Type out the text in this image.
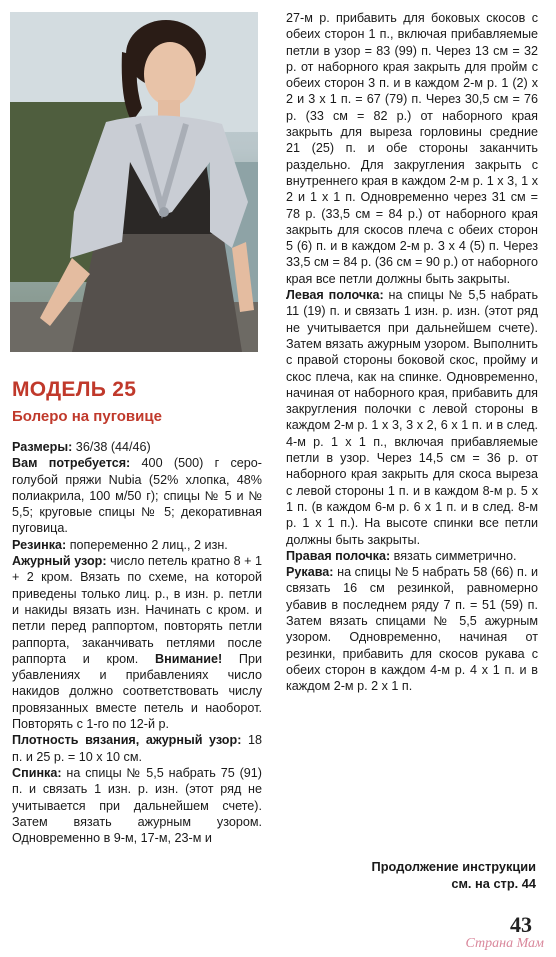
МОДЕЛЬ 25
Болеро на пуговице

Размеры: 36/38 (44/46)

Вам потребуется: 400 (500) г серо-голубой пряжи Nubia (52% хлопка, 48% полиакрила, 100 м/50 г); спицы № 5 и № 5,5; круговые спицы № 5; декоративная пуговица.

Резинка: попеременно 2 лиц., 2 изн.

Ажурный узор: число петель кратно 8 + 1 + 2 кром. Вязать по схеме, на которой приведены только лиц. р., в изн. р. петли и накиды вязать изн. Начинать с кром. и петли перед раппортом, повторять петли раппорта, заканчивать петлями после раппорта и кром. Внимание! При убавлениях и прибавлениях число накидов должно соответствовать числу провязанных вместе петель и наоборот. Повторять с 1-го по 12-й р.

Плотность вязания, ажурный узор: 18 п. и 25 р. = 10 х 10 см.

Спинка: на спицы № 5,5 набрать 75 (91) п. и связать 1 изн. р. изн. (этот ряд не учитывается при дальнейшем счете). Затем вязать ажурным узором. Одновременно в 9-м, 17-м, 23-м и

27-м р. прибавить для боковых скосов с обеих сторон 1 п., включая прибавляемые петли в узор = 83 (99) п. Через 13 см = 32 р. от наборного края закрыть для пройм с обеих сторон 3 п. и в каждом 2-м р. 1 (2) х 2 и 3 х 1 п. = 67 (79) п. Через 30,5 см = 76 р. (33 см = 82 р.) от наборного края закрыть для выреза горловины средние 21 (25) п. и обе стороны заканчить раздельно. Для закругления закрыть с внутреннего края в каждом 2-м р. 1 х 3, 1 х 2 и 1 х 1 п. Одновременно через 31 см = 78 р. (33,5 см = 84 р.) от наборного края закрыть для скосов плеча с обеих сторон 5 (6) п. и в каждом 2-м р. 3 х 4 (5) п. Через 33,5 см = 84 р. (36 см = 90 р.) от наборного края все петли должны быть закрыты.

Левая полочка: на спицы № 5,5 набрать 11 (19) п. и связать 1 изн. р. изн. (этот ряд не учитывается при дальнейшем счете). Затем вязать ажурным узором. Выполнить с правой стороны боковой скос, пройму и скос плеча, как на спинке. Одновременно, начиная от наборного края, прибавить для закругления полочки с левой стороны в каждом 2-м р. 1 х 3, 3 х 2, 6 х 1 п. и в след. 4-м р. 1 х 1 п., включая прибавляемые петли в узор. Через 14,5 см = 36 р. от наборного края закрыть для скоса выреза с левой стороны 1 п. и в каждом 8-м р. 5 х 1 п. (в каждом 6-м р. 6 х 1 п. и в след. 8-м р. 1 х 1 п.). На высоте спинки все петли должны быть закрыты.

Правая полочка: вязать симметрично.

Рукава: на спицы № 5 набрать 58 (66) п. и связать 16 см резинкой, равномерно убавив в последнем ряду 7 п. = 51 (59) п. Затем вязать спицами № 5,5 ажурным узором. Одновременно, начиная от резинки, прибавить для скосов рукава с обеих сторон в каждом 4-м р. 4 х 1 п. и в каждом 2-м р. 2 х 1 п.

Продолжение инструкции
см. на стр. 44
43
Страна Мам
